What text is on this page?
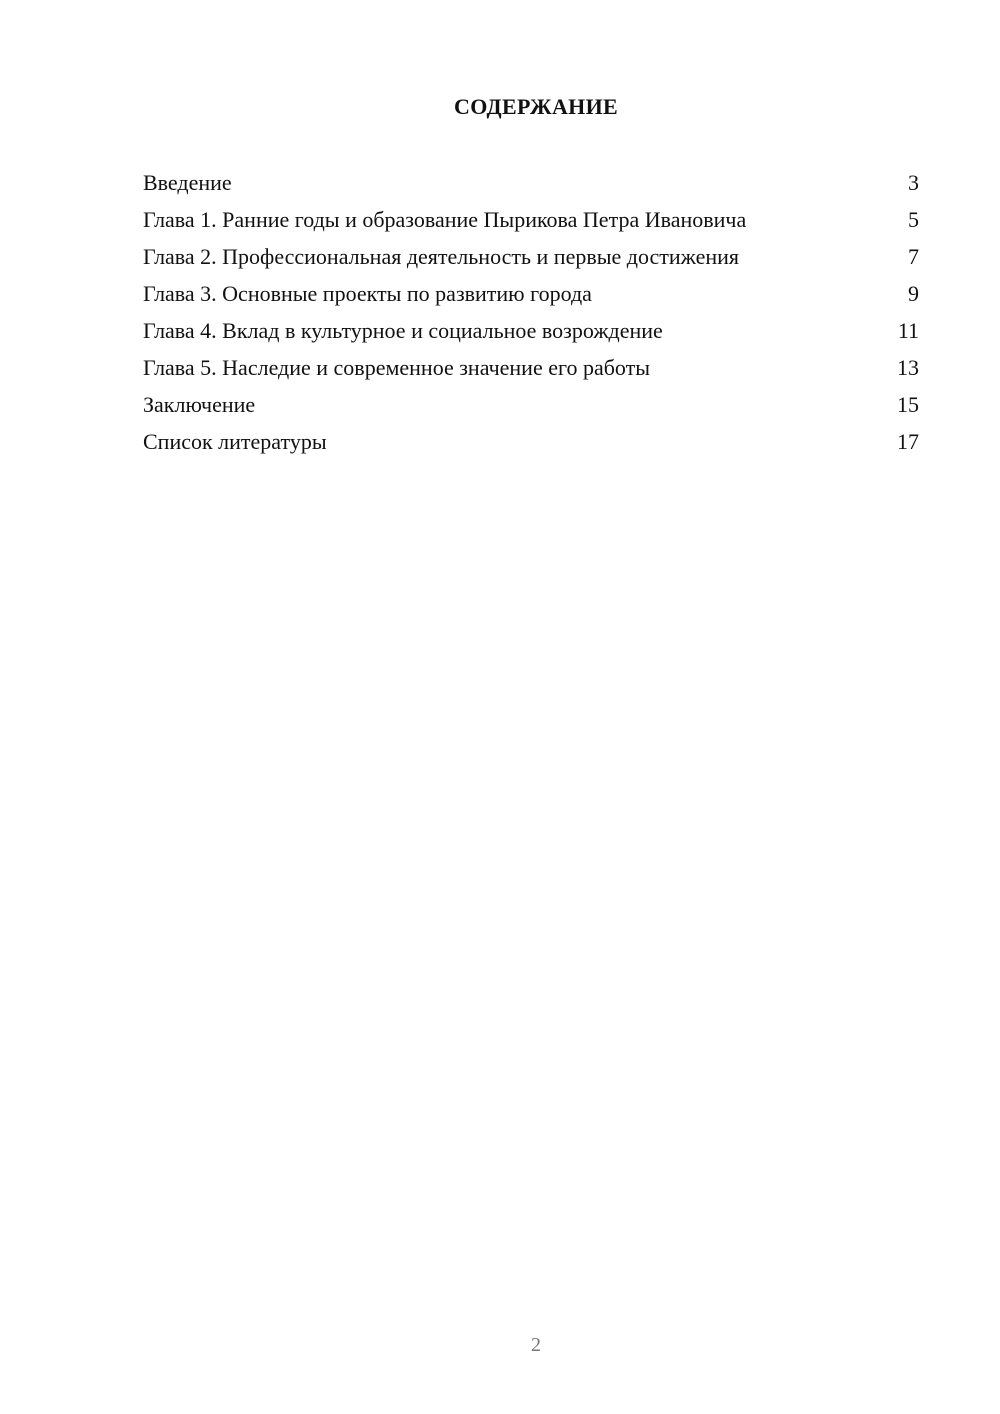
СОДЕРЖАНИЕ
Введение	3
Глава 1. Ранние годы и образование Пырикова Петра Ивановича	5
Глава 2. Профессиональная деятельность и первые достижения	7
Глава 3. Основные проекты по развитию города	9
Глава 4. Вклад в культурное и социальное возрождение	11
Глава 5. Наследие и современное значение его работы	13
Заключение	15
Список литературы	17
2
